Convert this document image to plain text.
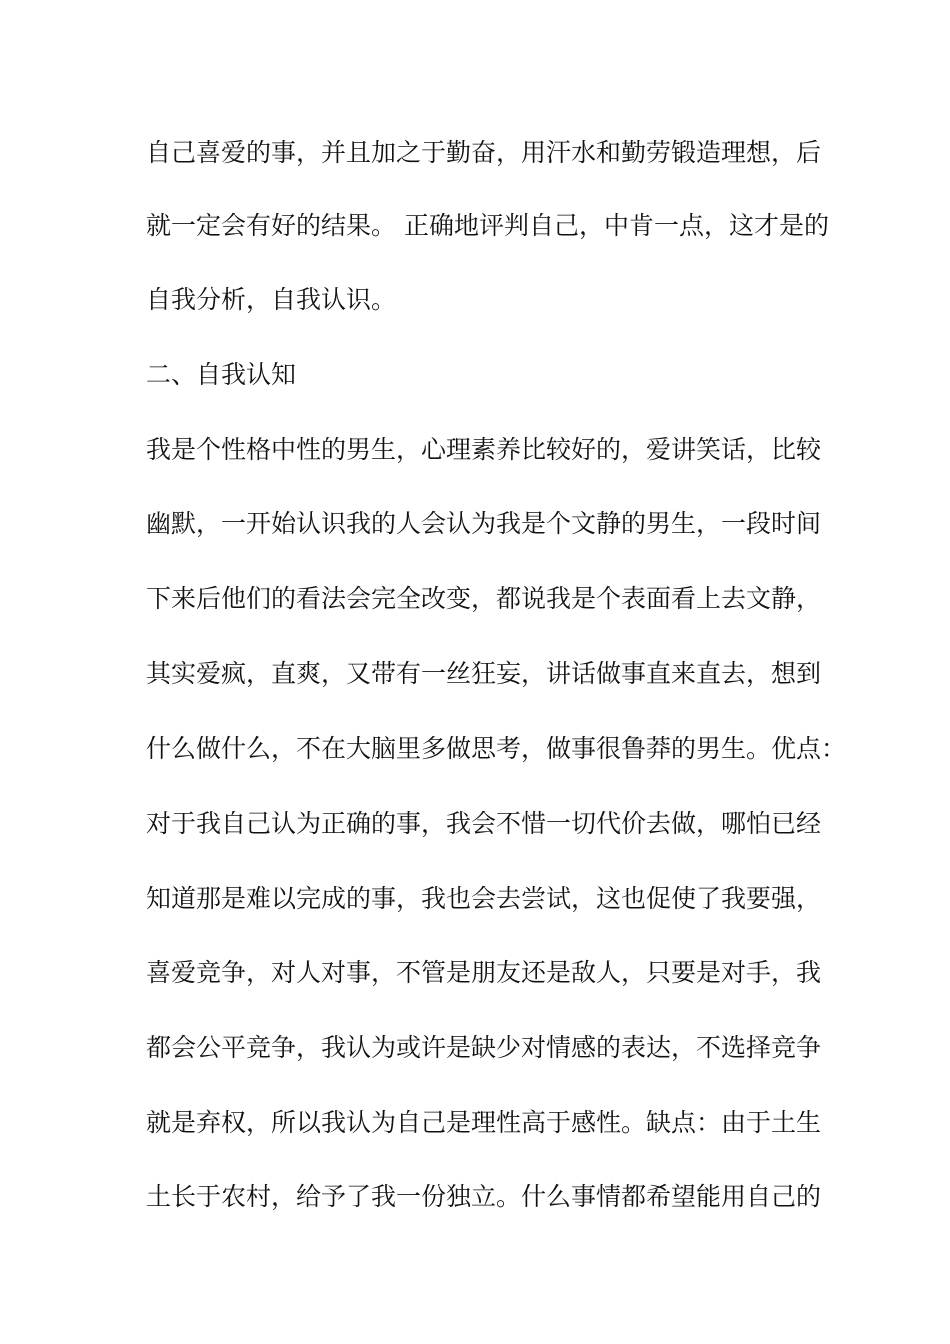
自己喜爱的事，并且加之于勤奋，用汗水和勤劳锻造理想，后
就一定会有好的结果。 正确地评判自己，中肯一点，这才是的
自我分析，自我认识。
二、自我认知
我是个性格中性的男生，心理素养比较好的，爱讲笑话，比较
幽默，一开始认识我的人会认为我是个文静的男生，一段时间
下来后他们的看法会完全改变，都说我是个表面看上去文静，
其实爱疯，直爽，又带有一丝狂妄，讲话做事直来直去，想到
什么做什么，不在大脑里多做思考，做事很鲁莽的男生。优点：
对于我自己认为正确的事，我会不惜一切代价去做，哪怕已经
知道那是难以完成的事，我也会去尝试，这也促使了我要强，
喜爱竞争，对人对事，不管是朋友还是敌人，只要是对手，我
都会公平竞争，我认为或许是缺少对情感的表达，不选择竞争
就是弃权，所以我认为自己是理性高于感性。缺点：由于土生
土长于农村，给予了我一份独立。什么事情都希望能用自己的
